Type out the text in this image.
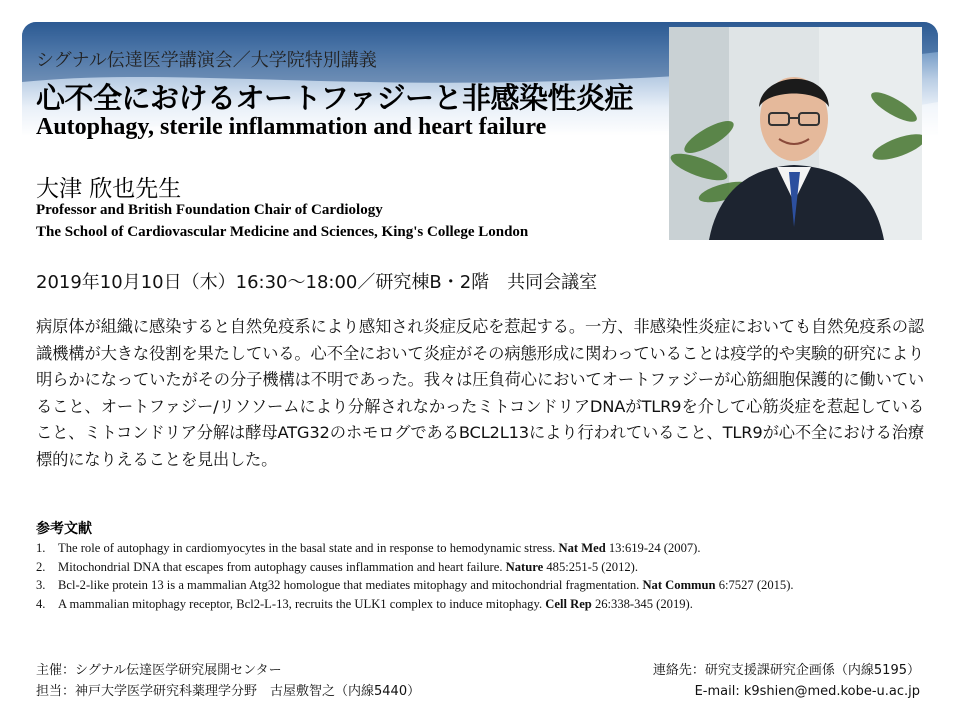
シグナル伝達医学講演会／大学院特別講義
心不全におけるオートファジーと非感染性炎症
Autophagy, sterile inflammation and heart failure
大津 欣也先生
Professor and British Foundation Chair of Cardiology
The School of Cardiovascular Medicine and Sciences, King's College London
2019年10月10日（木）16:30〜18:00／研究棟B・2階　共同会議室
病原体が組織に感染すると自然免疫系により感知され炎症反応を惹起する。一方、非感染性炎症においても自然免疫系の認識機構が大きな役割を果たしている。心不全において炎症がその病態形成に関わっていることは疫学的や実験的研究により明らかになっていたがその分子機構は不明であった。我々は圧負荷心においてオートファジーが心筋細胞保護的に働いていること、オートファジー/リソソームにより分解されなかったミトコンドリアDNAがTLR9を介して心筋炎症を惹起していること、ミトコンドリア分解は酵母ATG32のホモログであるBCL2L13により行われていること、TLR9が心不全における治療標的になりえることを見出した。
参考文献
1. The role of autophagy in cardiomyocytes in the basal state and in response to hemodynamic stress. Nat Med 13:619-24 (2007).
2. Mitochondrial DNA that escapes from autophagy causes inflammation and heart failure. Nature 485:251-5 (2012).
3. Bcl-2-like protein 13 is a mammalian Atg32 homologue that mediates mitophagy and mitochondrial fragmentation. Nat Commun 6:7527 (2015).
4. A mammalian mitophagy receptor, Bcl2-L-13, recruits the ULK1 complex to induce mitophagy. Cell Rep 26:338-345 (2019).
主催：シグナル伝達医学研究展開センター
担当：神戸大学医学研究科薬理学分野　古屋敷智之（内線5440）
連絡先：研究支援課研究企画係（内線5195）
E-mail: k9shien@med.kobe-u.ac.jp
